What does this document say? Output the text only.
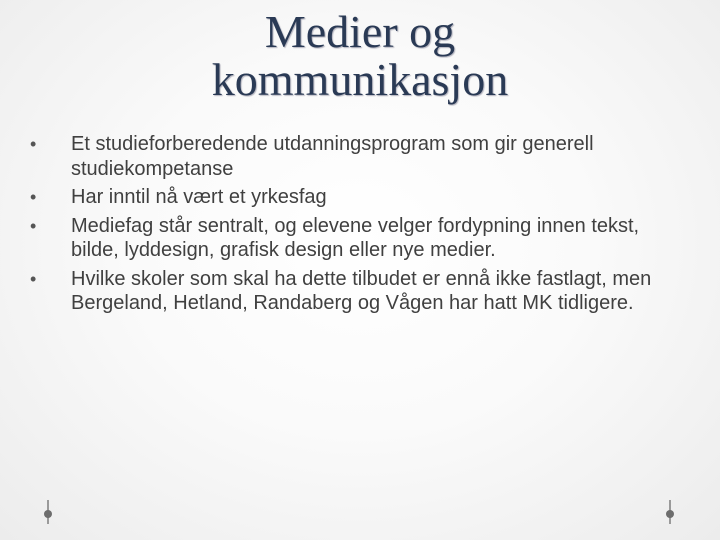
Medier og
kommunikasjon
•	Et studieforberedende utdanningsprogram som gir generell studiekompetanse
•	Har inntil nå vært et yrkesfag
•	Mediefag står sentralt, og elevene velger fordypning innen tekst, bilde, lyddesign, grafisk design eller nye medier.
•	Hvilke skoler som skal ha dette tilbudet er ennå ikke fastlagt, men Bergeland, Hetland, Randaberg og Vågen har hatt MK tidligere.
